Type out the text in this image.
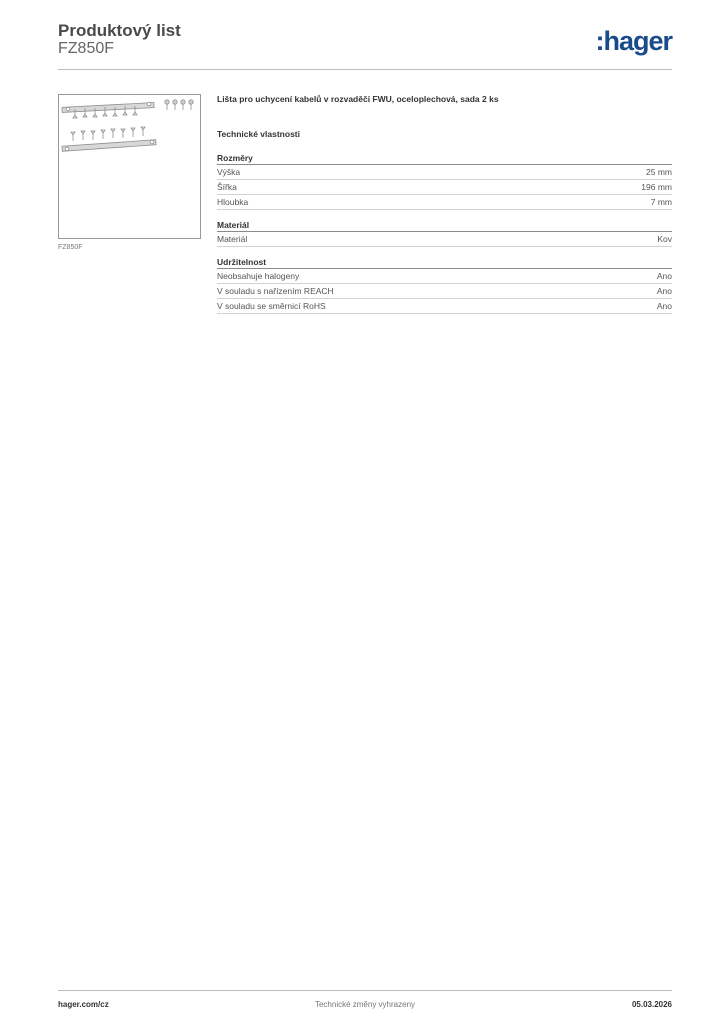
Produktový list
FZ850F	:hager
FZ850F
Lišta pro uchycení kabelů v rozvaděči FWU, oceloplechová, sada 2 ks
Technické vlastnosti
Rozměry
Výška	25 mm
Šířka	196 mm
Hloubka	7 mm
Materiál
Materiál	Kov
Udržitelnost
Neobsahuje halogeny	Ano
V souladu s nařízením REACH	Ano
V souladu se směrnicí RoHS	Ano
hager.com/cz	Technické změny vyhrazeny	05.03.2026
